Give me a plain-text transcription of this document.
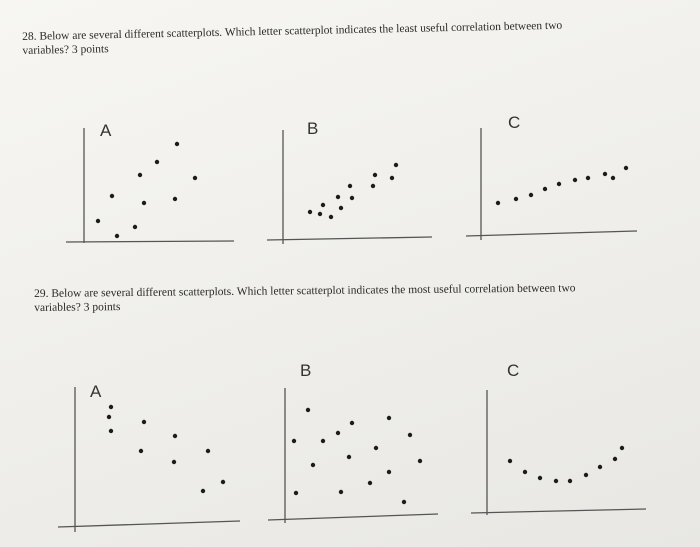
28. Below are several different scatterplots. Which letter scatterplot indicates the least useful correlation between two
variables? 3 points
29. Below are several different scatterplots. Which letter scatterplot indicates the most useful correlation between two
variables? 3 points
A	B	C
A
B	C
